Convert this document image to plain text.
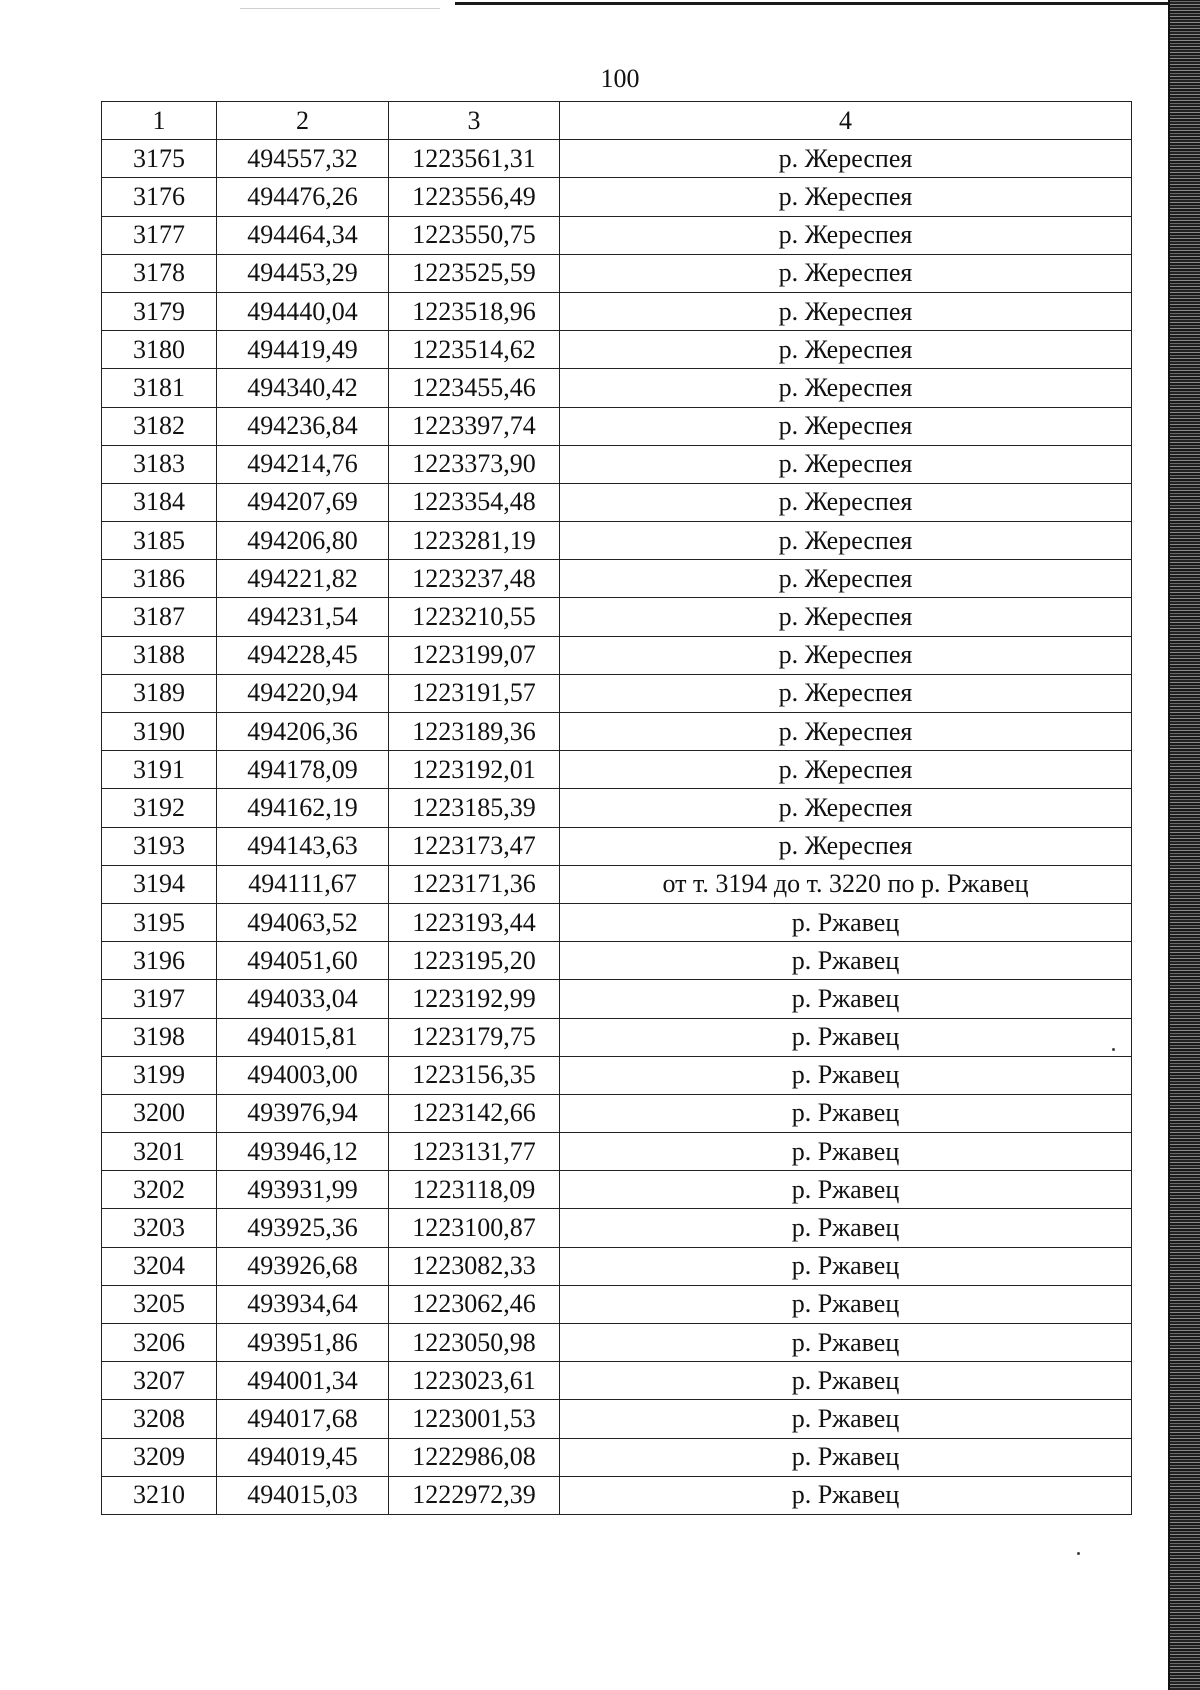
100
1	2	3	4
3175	494557,32	1223561,31	р. Жереспея
3176	494476,26	1223556,49	р. Жереспея
3177	494464,34	1223550,75	р. Жереспея
3178	494453,29	1223525,59	р. Жереспея
3179	494440,04	1223518,96	р. Жереспея
3180	494419,49	1223514,62	р. Жереспея
3181	494340,42	1223455,46	р. Жереспея
3182	494236,84	1223397,74	р. Жереспея
3183	494214,76	1223373,90	р. Жереспея
3184	494207,69	1223354,48	р. Жереспея
3185	494206,80	1223281,19	р. Жереспея
3186	494221,82	1223237,48	р. Жереспея
3187	494231,54	1223210,55	р. Жереспея
3188	494228,45	1223199,07	р. Жереспея
3189	494220,94	1223191,57	р. Жереспея
3190	494206,36	1223189,36	р. Жереспея
3191	494178,09	1223192,01	р. Жереспея
3192	494162,19	1223185,39	р. Жереспея
3193	494143,63	1223173,47	р. Жереспея
3194	494111,67	1223171,36	от т. 3194 до т. 3220 по р. Ржавец
3195	494063,52	1223193,44	р. Ржавец
3196	494051,60	1223195,20	р. Ржавец
3197	494033,04	1223192,99	р. Ржавец
3198	494015,81	1223179,75	р. Ржавец
3199	494003,00	1223156,35	р. Ржавец
3200	493976,94	1223142,66	р. Ржавец
3201	493946,12	1223131,77	р. Ржавец
3202	493931,99	1223118,09	р. Ржавец
3203	493925,36	1223100,87	р. Ржавец
3204	493926,68	1223082,33	р. Ржавец
3205	493934,64	1223062,46	р. Ржавец
3206	493951,86	1223050,98	р. Ржавец
3207	494001,34	1223023,61	р. Ржавец
3208	494017,68	1223001,53	р. Ржавец
3209	494019,45	1222986,08	р. Ржавец
3210	494015,03	1222972,39	р. Ржавец
